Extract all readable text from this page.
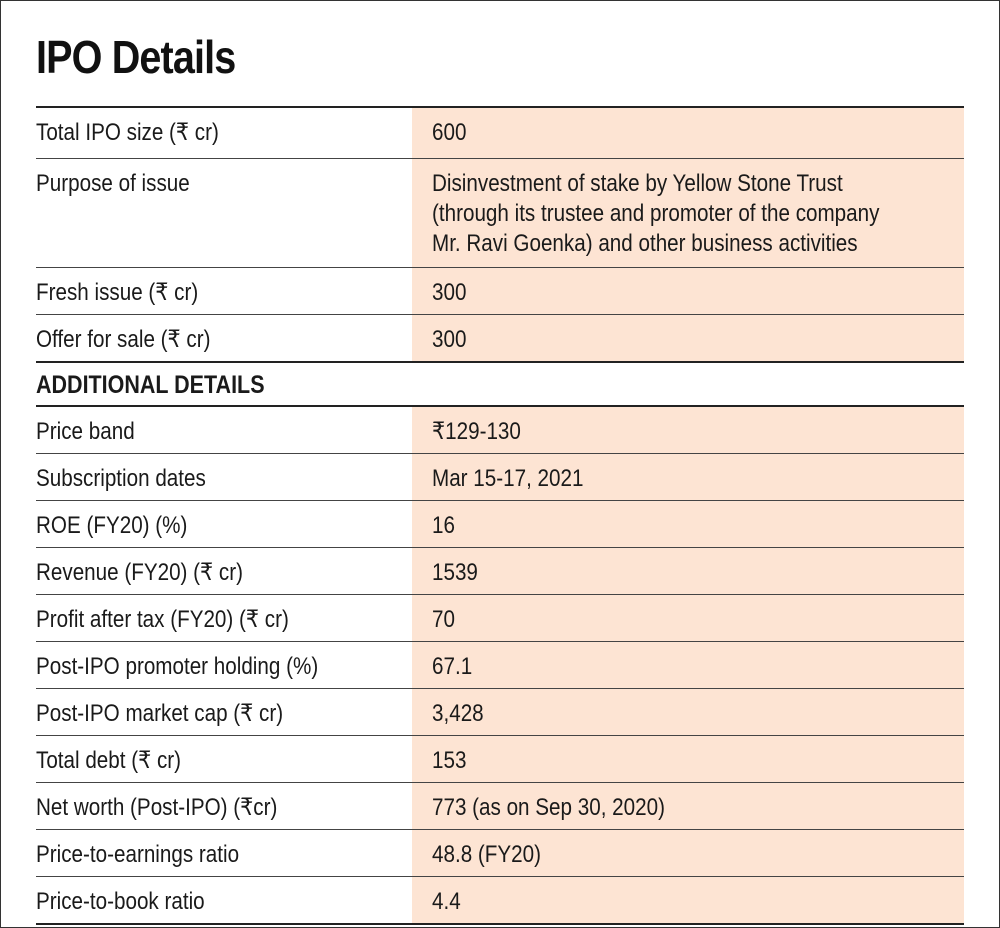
IPO Details
Total IPO size (₹ cr)	600
Purpose of issue	Disinvestment of stake by Yellow Stone Trust
(through its trustee and promoter of the company
Mr. Ravi Goenka) and other business activities
Fresh issue (₹ cr)	300
Offer for sale (₹ cr)	300
ADDITIONAL DETAILS
Price band	₹129-130
Subscription dates	Mar 15-17, 2021
ROE (FY20) (%)	16
Revenue (FY20) (₹ cr)	1539
Profit after tax (FY20) (₹ cr)	70
Post-IPO promoter holding (%)	67.1
Post-IPO market cap (₹ cr)	3,428
Total debt (₹ cr)	153
Net worth (Post-IPO) (₹cr)	773 (as on Sep 30, 2020)
Price-to-earnings ratio	48.8 (FY20)
Price-to-book ratio	4.4
